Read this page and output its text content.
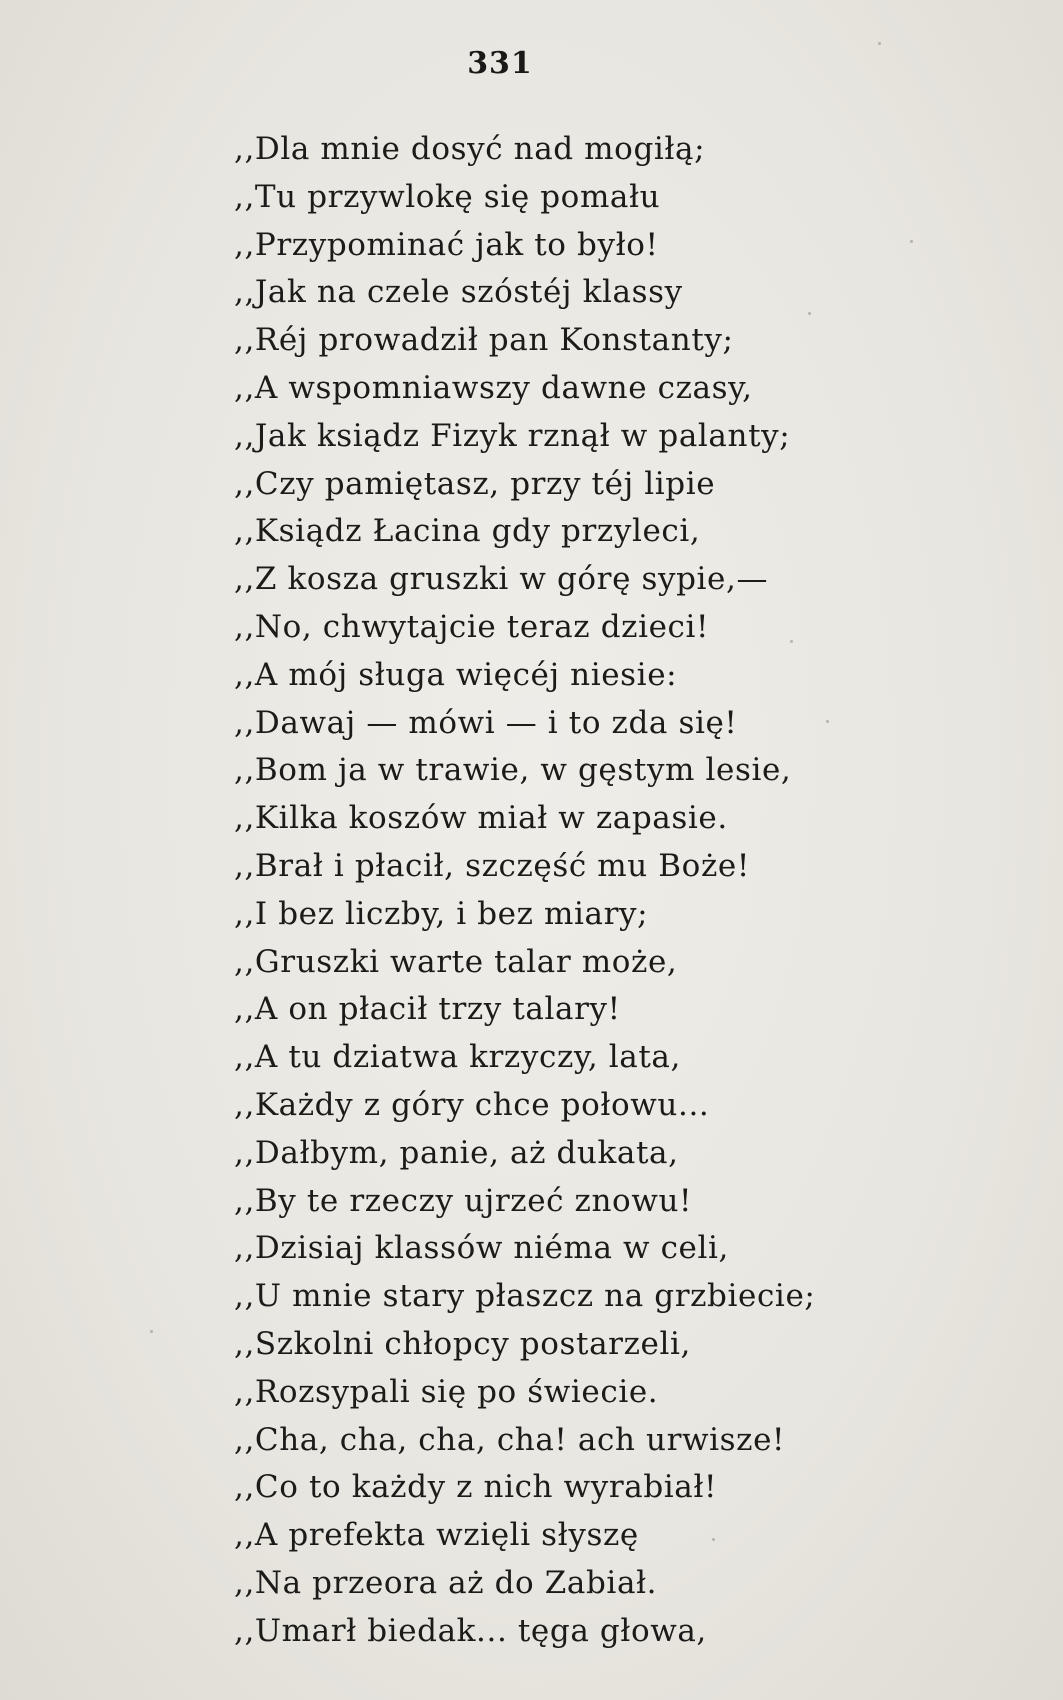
331
,,Dla mnie dosyć nad mogiłą;
,,Tu przywlokę się pomału
,,Przypominać jak to było!
,,Jak na czele szóstéj klassy
,,Réj prowadził pan Konstanty;
,,A wspomniawszy dawne czasy,
,,Jak ksiądz Fizyk rznął w palanty;
,,Czy pamiętasz, przy téj lipie
,,Ksiądz Łacina gdy przyleci,
,,Z kosza gruszki w górę sypie,—
,,No, chwytajcie teraz dzieci!
,,A mój sługa więcéj niesie:
,,Dawaj — mówi — i to zda się!
,,Bom ja w trawie, w gęstym lesie,
,,Kilka koszów miał w zapasie.
,,Brał i płacił, szczęść mu Boże!
,,I bez liczby, i bez miary;
,,Gruszki warte talar może,
,,A on płacił trzy talary!
,,A tu dziatwa krzyczy, lata,
,,Każdy z góry chce połowu...
,,Dałbym, panie, aż dukata,
,,By te rzeczy ujrzeć znowu!
,,Dzisiaj klassów niéma w celi,
,,U mnie stary płaszcz na grzbiecie;
,,Szkolni chłopcy postarzeli,
,,Rozsypali się po świecie.
,,Cha, cha, cha, cha! ach urwisze!
,,Co to każdy z nich wyrabiał!
,,A prefekta wzięli słyszę
,,Na przeora aż do Zabiał.
,,Umarł biedak... tęga głowa,
